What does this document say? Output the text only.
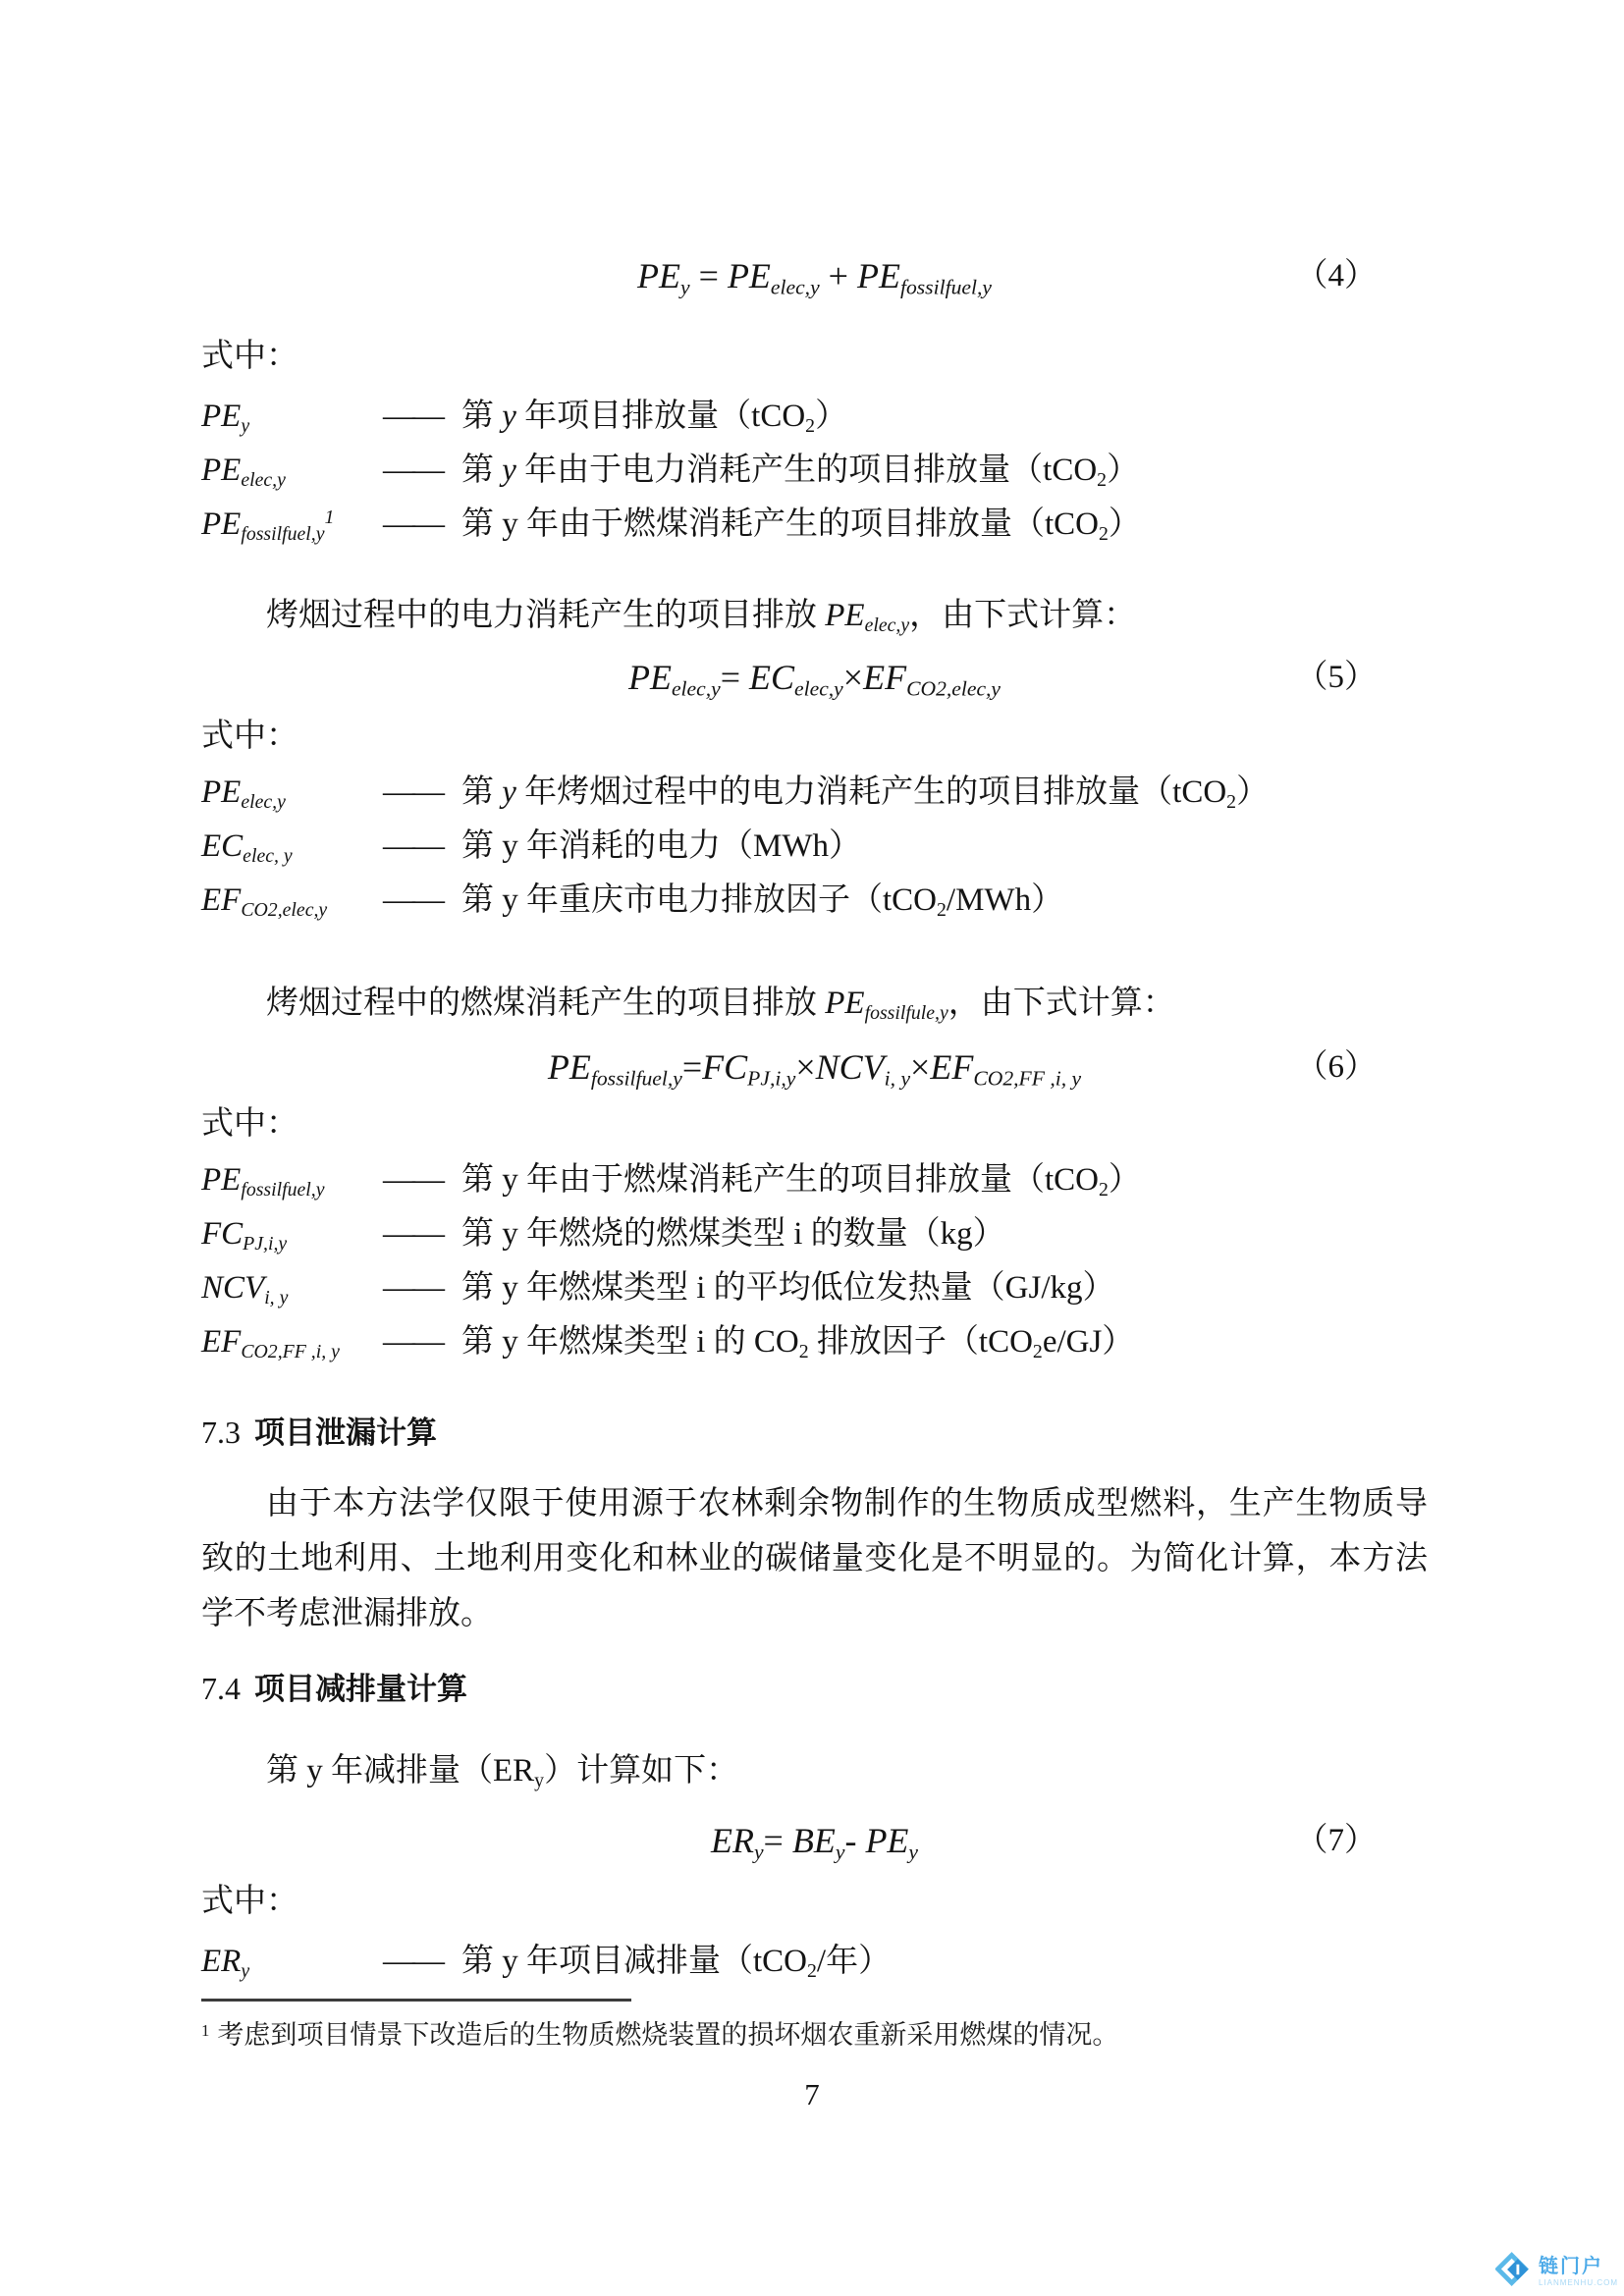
$PE_y = PE_{elec,y} + PE_{fossilfuel,y}$	（4）
式中：
$PE_y$	—— 第 y 年项目排放量（tCO$_2$）
$PE_{elec,y}$	—— 第 y 年由于电力消耗产生的项目排放量（tCO$_2$）
$PE_{fossilfuel,y}^1$	—— 第 y 年由于燃煤消耗产生的项目排放量（tCO$_2$）

烤烟过程中的电力消耗产生的项目排放 $PE_{elec,y}$，由下式计算：

$PE_{elec,y}= EC_{elec,y}\times EF_{CO2,elec,y}$	（5）
式中：
$PE_{elec,y}$	—— 第 y 年烤烟过程中的电力消耗产生的项目排放量（tCO$_2$）
$EC_{elec, y}$	—— 第 y 年消耗的电力（MWh）
$EF_{CO2,elec,y}$	—— 第 y 年重庆市电力排放因子（tCO$_2$/MWh）

烤烟过程中的燃煤消耗产生的项目排放 $PE_{fossilfule,y}$，由下式计算：

$PE_{fossilfuel,y}=FC_{PJ,i,y}\times NCV_{i, y}\times EF_{CO2,FF ,i, y}$	（6）
式中：
$PE_{fossilfuel,y}$	—— 第 y 年由于燃煤消耗产生的项目排放量（tCO$_2$）
$FC_{PJ,i,y}$	—— 第 y 年燃烧的燃煤类型 i 的数量（kg）
$NCV_{i, y}$	—— 第 y 年燃煤类型 i 的平均低位发热量（GJ/kg）
$EF_{CO2,FF ,i, y}$	—— 第 y 年燃煤类型 i 的 $CO_2$ 排放因子（tCO$_2$e/GJ）
7.3 项目泄漏计算

由于本方法学仅限于使用源于农林剩余物制作的生物质成型燃料，生产生物质导致的土地利用、土地利用变化和林业的碳储量变化是不明显的。为简化计算，本方法学不考虑泄漏排放。

7.4 项目减排量计算

第 y 年减排量$(ER_y)$计算如下：

$ER_y= BE_y-$ $PE_y$	（7）
式中：
$ER_y$	—— 第 y 年项目减排量（tCO$_2$/年）
$^1$ 考虑到项目情景下改造后的生物质燃烧装置的损坏烟农重新采用燃煤的情况。
7
链门户
LIANMENHU.COM
